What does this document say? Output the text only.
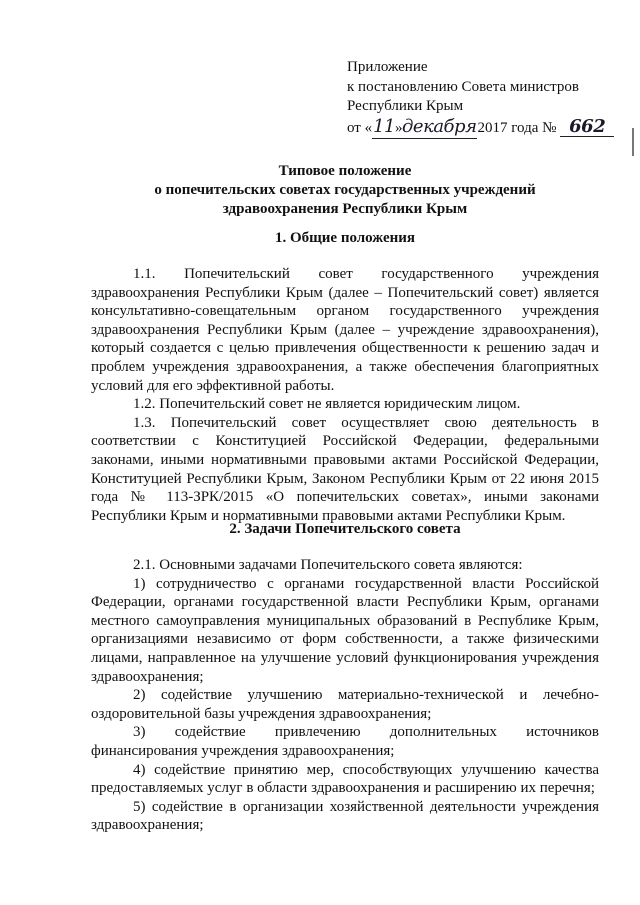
Приложение
к постановлению Совета министров
Республики Крым
от «11»декабря2017 года № 662
Типовое положение
о попечительских советах государственных учреждений
здравоохранения Республики Крым
1. Общие положения

1.1. Попечительский совет государственного учреждения здравоохранения Республики Крым (далее – Попечительский совет) является консультативно-совещательным органом государственного учреждения здравоохранения Республики Крым (далее – учреждение здравоохранения), который создается с целью привлечения общественности к решению задач и проблем учреждения здравоохранения, а также обеспечения благоприятных условий для его эффективной работы.

1.2. Попечительский совет не является юридическим лицом.

1.3. Попечительский совет осуществляет свою деятельность в соответствии с Конституцией Российской Федерации, федеральными законами, иными нормативными правовыми актами Российской Федерации, Конституцией Республики Крым, Законом Республики Крым от 22 июня 2015 года № 113-ЗРК/2015 «О попечительских советах», иными законами Республики Крым и нормативными правовыми актами Республики Крым.

2. Задачи Попечительского совета

2.1. Основными задачами Попечительского совета являются:

1) сотрудничество с органами государственной власти Российской Федерации, органами государственной власти Республики Крым, органами местного самоуправления муниципальных образований в Республике Крым, организациями независимо от форм собственности, а также физическими лицами, направленное на улучшение условий функционирования учреждения здравоохранения;

2) содействие улучшению материально-технической и лечебно-оздоровительной базы учреждения здравоохранения;

3) содействие привлечению дополнительных источников финансирования учреждения здравоохранения;

4) содействие принятию мер, способствующих улучшению качества предоставляемых услуг в области здравоохранения и расширению их перечня;

5) содействие в организации хозяйственной деятельности учреждения здравоохранения;
